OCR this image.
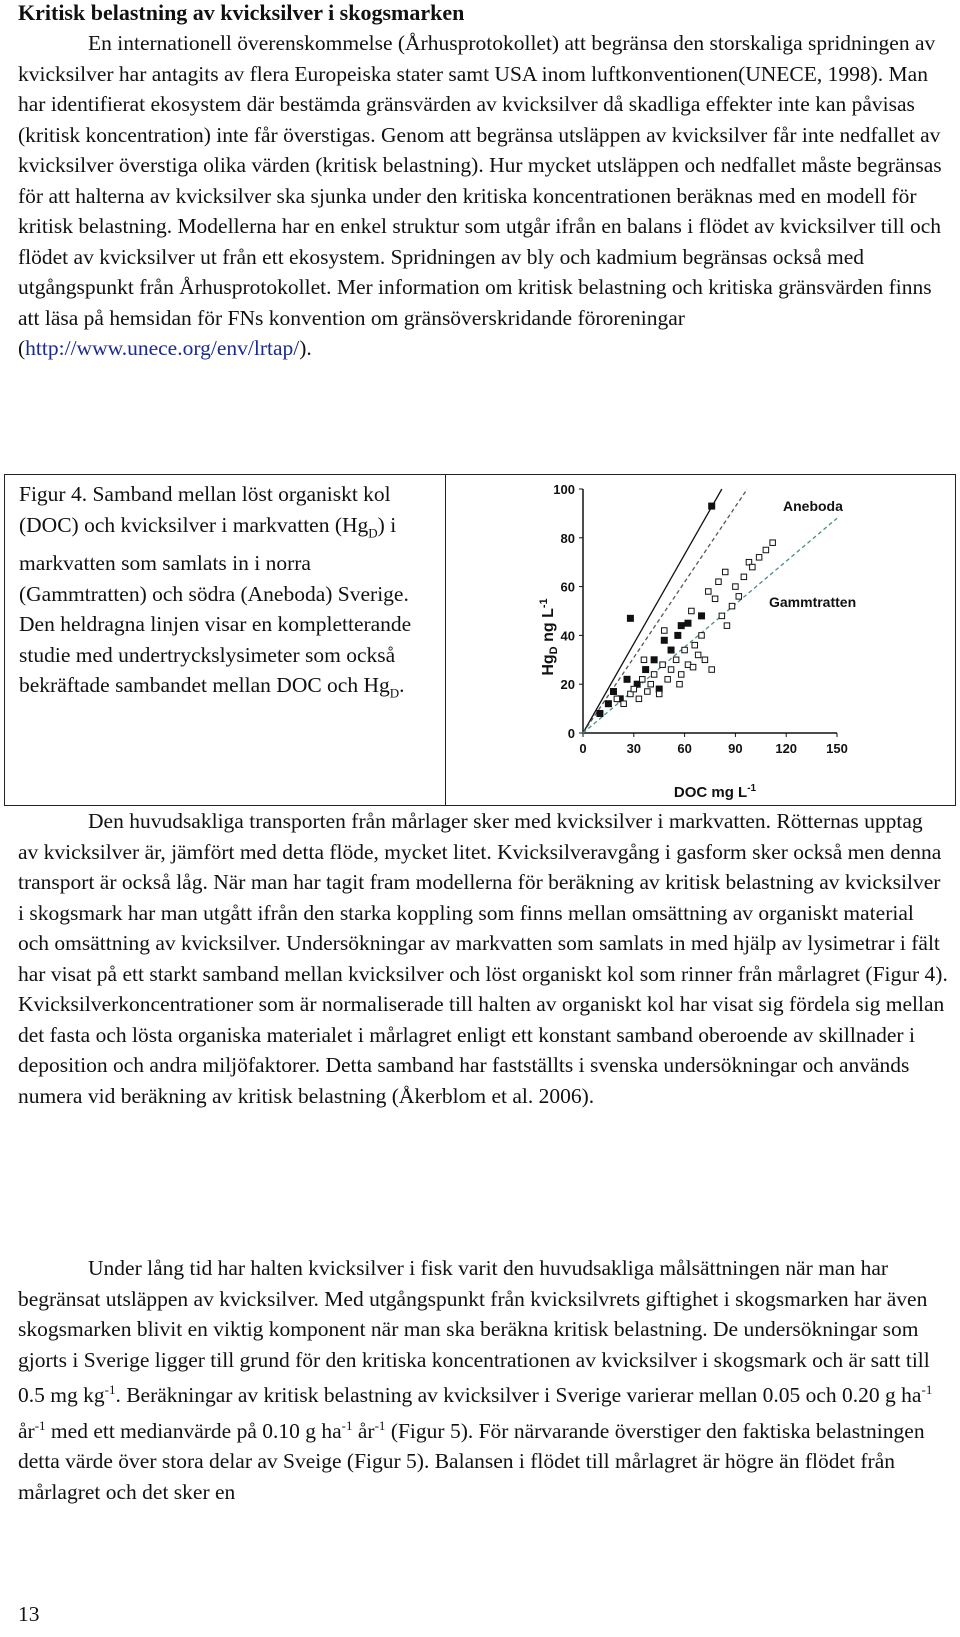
Kritisk belastning av kvicksilver i skogsmarken

En internationell överenskommelse (Århusprotokollet) att begränsa den storskaliga spridningen av kvicksilver har antagits av flera Europeiska stater samt USA inom luftkonventionen(UNECE, 1998). Man har identifierat ekosystem där bestämda gränsvärden av kvicksilver då skadliga effekter inte kan påvisas (kritisk koncentration) inte får överstigas. Genom att begränsa utsläppen av kvicksilver får inte nedfallet av kvicksilver överstiga olika värden (kritisk belastning). Hur mycket utsläppen och nedfallet måste begränsas för att halterna av kvicksilver ska sjunka under den kritiska koncentrationen beräknas med en modell för kritisk belastning. Modellerna har en enkel struktur som utgår ifrån en balans i flödet av kvicksilver till och flödet av kvicksilver ut från ett ekosystem. Spridningen av bly och kadmium begränsas också med utgångspunkt från Århusprotokollet. Mer information om kritisk belastning och kritiska gränsvärden finns att läsa på hemsidan för FNs konvention om gränsöverskridande föroreningar (http://www.unece.org/env/lrtap/).

Figur 4. Samband mellan löst organiskt kol (DOC) och kvicksilver i markvatten $(Hg_D)$ i markvatten som samlats in i norra (Gammtratten) och södra (Aneboda) Sverige. Den heldragna linjen visar en kompletterande studie med undertryckslysimeter som också bekräftade sambandet mellan DOC och $Hg_D$.

0	30	60	90	120 150
0
20
40
60
80
100
Aneboda
Gammtratten
$Hg_D$ ng $L^{-1}$
DOC mg $L^{-1}$

Den huvudsakliga transporten från mårlager sker med kvicksilver i markvatten. Rötternas upptag av kvicksilver är, jämfört med detta flöde, mycket litet. Kvicksilveravgång i gasform sker också men denna transport är också låg. När man har tagit fram modellerna för beräkning av kritisk belastning av kvicksilver i skogsmark har man utgått ifrån den starka koppling som finns mellan omsättning av organiskt material och omsättning av kvicksilver. Undersökningar av markvatten som samlats in med hjälp av lysimetrar i fält har visat på ett starkt samband mellan kvicksilver och löst organiskt kol som rinner från mårlagret (Figur 4). Kvicksilverkoncentrationer som är normaliserade till halten av organiskt kol har visat sig fördela sig mellan det fasta och lösta organiska materialet i mårlagret enligt ett konstant samband oberoende av skillnader i deposition och andra miljöfaktorer. Detta samband har fastställts i svenska undersökningar och används numera vid beräkning av kritisk belastning (Åkerblom et al. 2006).

Under lång tid har halten kvicksilver i fisk varit den huvudsakliga målsättningen när man har begränsat utsläppen av kvicksilver. Med utgångspunkt från kvicksilvrets giftighet i skogsmarken har även skogsmarken blivit en viktig komponent när man ska beräkna kritisk belastning. De undersökningar som gjorts i Sverige ligger till grund för den kritiska koncentrationen av kvicksilver i skogsmark och är satt till 0.5 mg $kg^{-1}$. Beräkningar av kritisk belastning av kvicksilver i Sverige varierar mellan 0.05 och 0.20 g $ha^{-1}$ $år^{-1}$ med ett medianvärde på 0.10 g $ha^{-1}$ $år^{-1}$ (Figur 5). För närvarande överstiger den faktiska belastningen detta värde över stora delar av Sveige (Figur 5). Balansen i flödet till mårlagret är högre än flödet från mårlagret och det sker en

13
